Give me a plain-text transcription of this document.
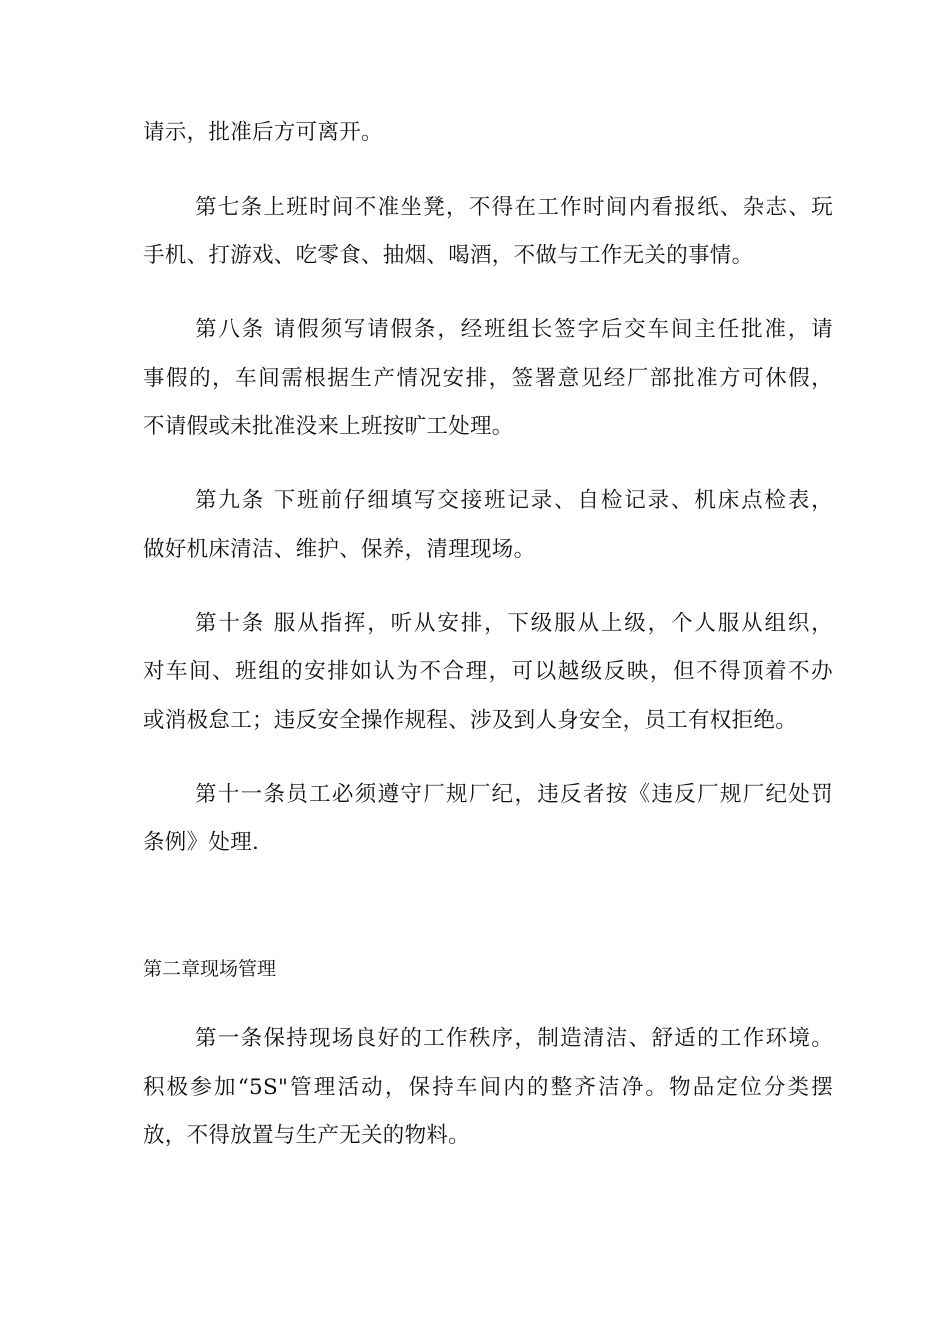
请示，批准后方可离开。
第七条上班时间不准坐凳，不得在工作时间内看报纸、杂志、玩
手机、打游戏、吃零食、抽烟、喝酒，不做与工作无关的事情。
第八条 请假须写请假条，经班组长签字后交车间主任批准，请
事假的，车间需根据生产情况安排，签署意见经厂部批准方可休假，
不请假或未批准没来上班按旷工处理。
第九条 下班前仔细填写交接班记录、自检记录、机床点检表，
做好机床清洁、维护、保养，清理现场。
第十条 服从指挥，听从安排，下级服从上级，个人服从组织，
对车间、班组的安排如认为不合理，可以越级反映，但不得顶着不办
或消极怠工；违反安全操作规程、涉及到人身安全，员工有权拒绝。
第十一条员工必须遵守厂规厂纪，违反者按《违反厂规厂纪处罚
条例》处理.
第二章现场管理
第一条保持现场良好的工作秩序，制造清洁、舒适的工作环境。
积极参加“5S"管理活动，保持车间内的整齐洁净。物品定位分类摆
放，不得放置与生产无关的物料。
